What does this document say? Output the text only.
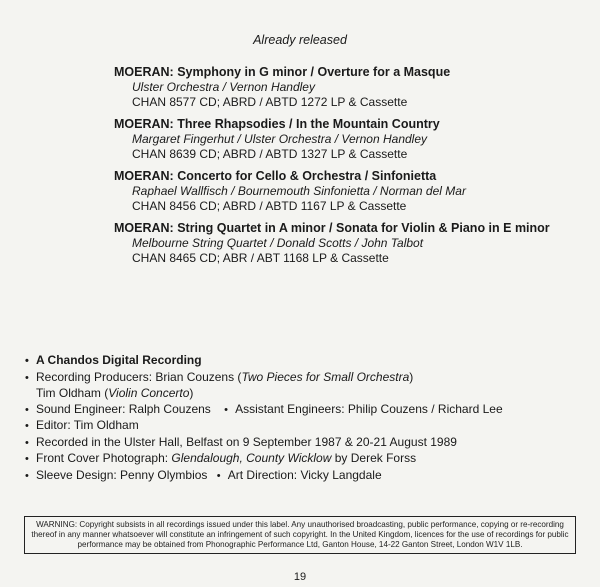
Already released
MOERAN: Symphony in G minor / Overture for a Masque
Ulster Orchestra / Vernon Handley
CHAN 8577 CD; ABRD / ABTD 1272 LP & Cassette
MOERAN: Three Rhapsodies / In the Mountain Country
Margaret Fingerhut / Ulster Orchestra / Vernon Handley
CHAN 8639 CD; ABRD / ABTD 1327 LP & Cassette
MOERAN: Concerto for Cello & Orchestra / Sinfonietta
Raphael Wallfisch / Bournemouth Sinfonietta / Norman del Mar
CHAN 8456 CD; ABRD / ABTD 1167 LP & Cassette
MOERAN: String Quartet in A minor / Sonata for Violin & Piano in E minor
Melbourne String Quartet / Donald Scotts / John Talbot
CHAN 8465 CD; ABR / ABT 1168 LP & Cassette
• A Chandos Digital Recording
• Recording Producers: Brian Couzens (Two Pieces for Small Orchestra)
Tim Oldham (Violin Concerto)
• Sound Engineer: Ralph Couzens • Assistant Engineers: Philip Couzens / Richard Lee
• Editor: Tim Oldham
• Recorded in the Ulster Hall, Belfast on 9 September 1987 & 20-21 August 1989
• Front Cover Photograph: Glendalough, County Wicklow by Derek Forss
• Sleeve Design: Penny Olymbios • Art Direction: Vicky Langdale
WARNING: Copyright subsists in all recordings issued under this label. Any unauthorised broadcasting, public performance, copying or re-recording thereof in any manner whatsoever will constitute an infringement of such copyright. In the United Kingdom, licences for the use of recordings for public performance may be obtained from Phonographic Performance Ltd, Ganton House, 14-22 Ganton Street, London W1V 1LB.
19
